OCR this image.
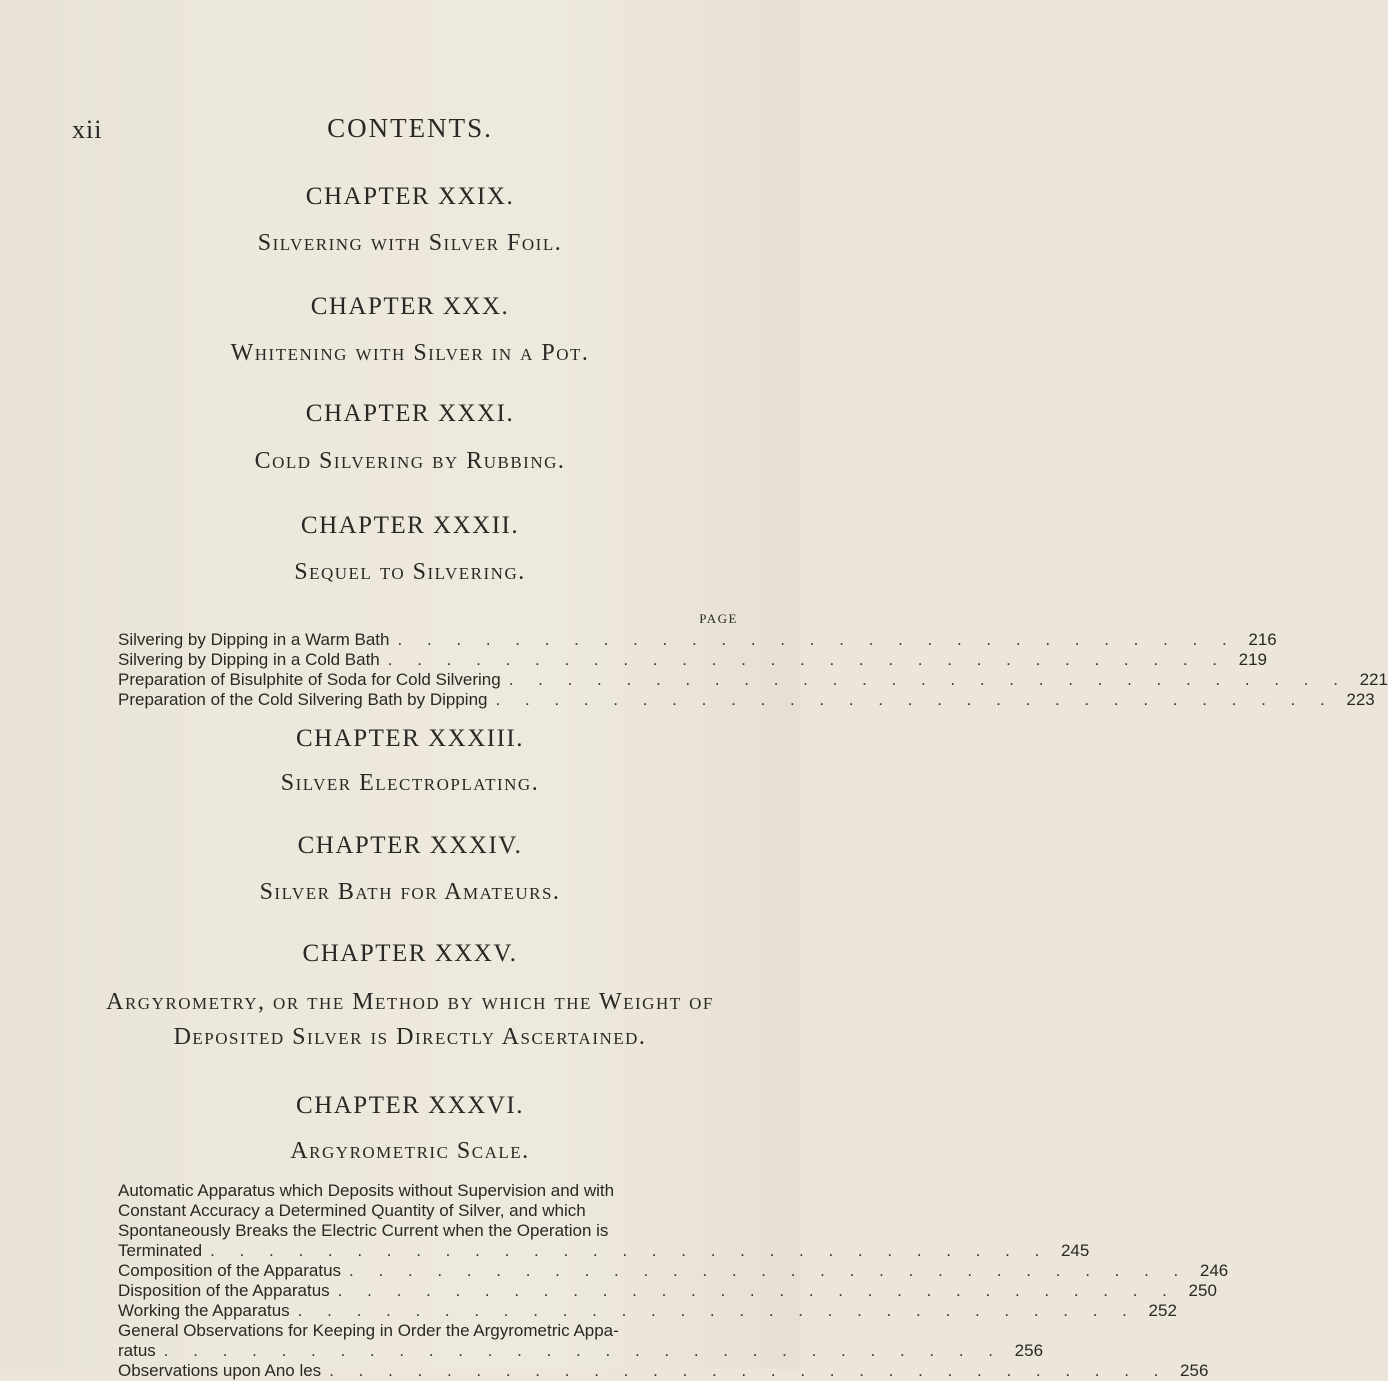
xii	CONTENTS.
CHAPTER XXIX.
Silvering with Silver Foil.
CHAPTER XXX.
Whitening with Silver in a Pot.
CHAPTER XXXI.
Cold Silvering by Rubbing.
CHAPTER XXXII.
Sequel to Silvering.
PAGE
Silvering by Dipping in a Warm Bath . . . . . . . . . . . . . . . . . . . . . . . . . . . . . 216
Silvering by Dipping in a Cold Bath . . . . . . . . . . . . . . . . . . . . . . . . . . . . . 219
Preparation of Bisulphite of Soda for Cold Silvering . . . . . . . . . . . . . . . . . . . . . . . . . . . . . 221
Preparation of the Cold Silvering Bath by Dipping . . . . . . . . . . . . . . . . . . . . . . . . . . . . . 223
CHAPTER XXXIII.
Silver Electroplating.
CHAPTER XXXIV.
Silver Bath for Amateurs.
CHAPTER XXXV.
Argyrometry, or the Method by which the Weight of
Deposited Silver is Directly Ascertained.
CHAPTER XXXVI.
Argyrometric Scale.
Automatic Apparatus which Deposits without Supervision and with
Constant Accuracy a Determined Quantity of Silver, and which
Spontaneously Breaks the Electric Current when the Operation is
Terminated . . . . . . . . . . . . . . . . . . . . . . . . . . . . . 245
Composition of the Apparatus . . . . . . . . . . . . . . . . . . . . . . . . . . . . . 246
Disposition of the Apparatus . . . . . . . . . . . . . . . . . . . . . . . . . . . . . 250
Working the Apparatus . . . . . . . . . . . . . . . . . . . . . . . . . . . . . 252
General Observations for Keeping in Order the Argyrometric Appa-
ratus . . . . . . . . . . . . . . . . . . . . . . . . . . . . . 256
Observations upon Ano les . . . . . . . . . . . . . . . . . . . . . . . . . . . . . 256
